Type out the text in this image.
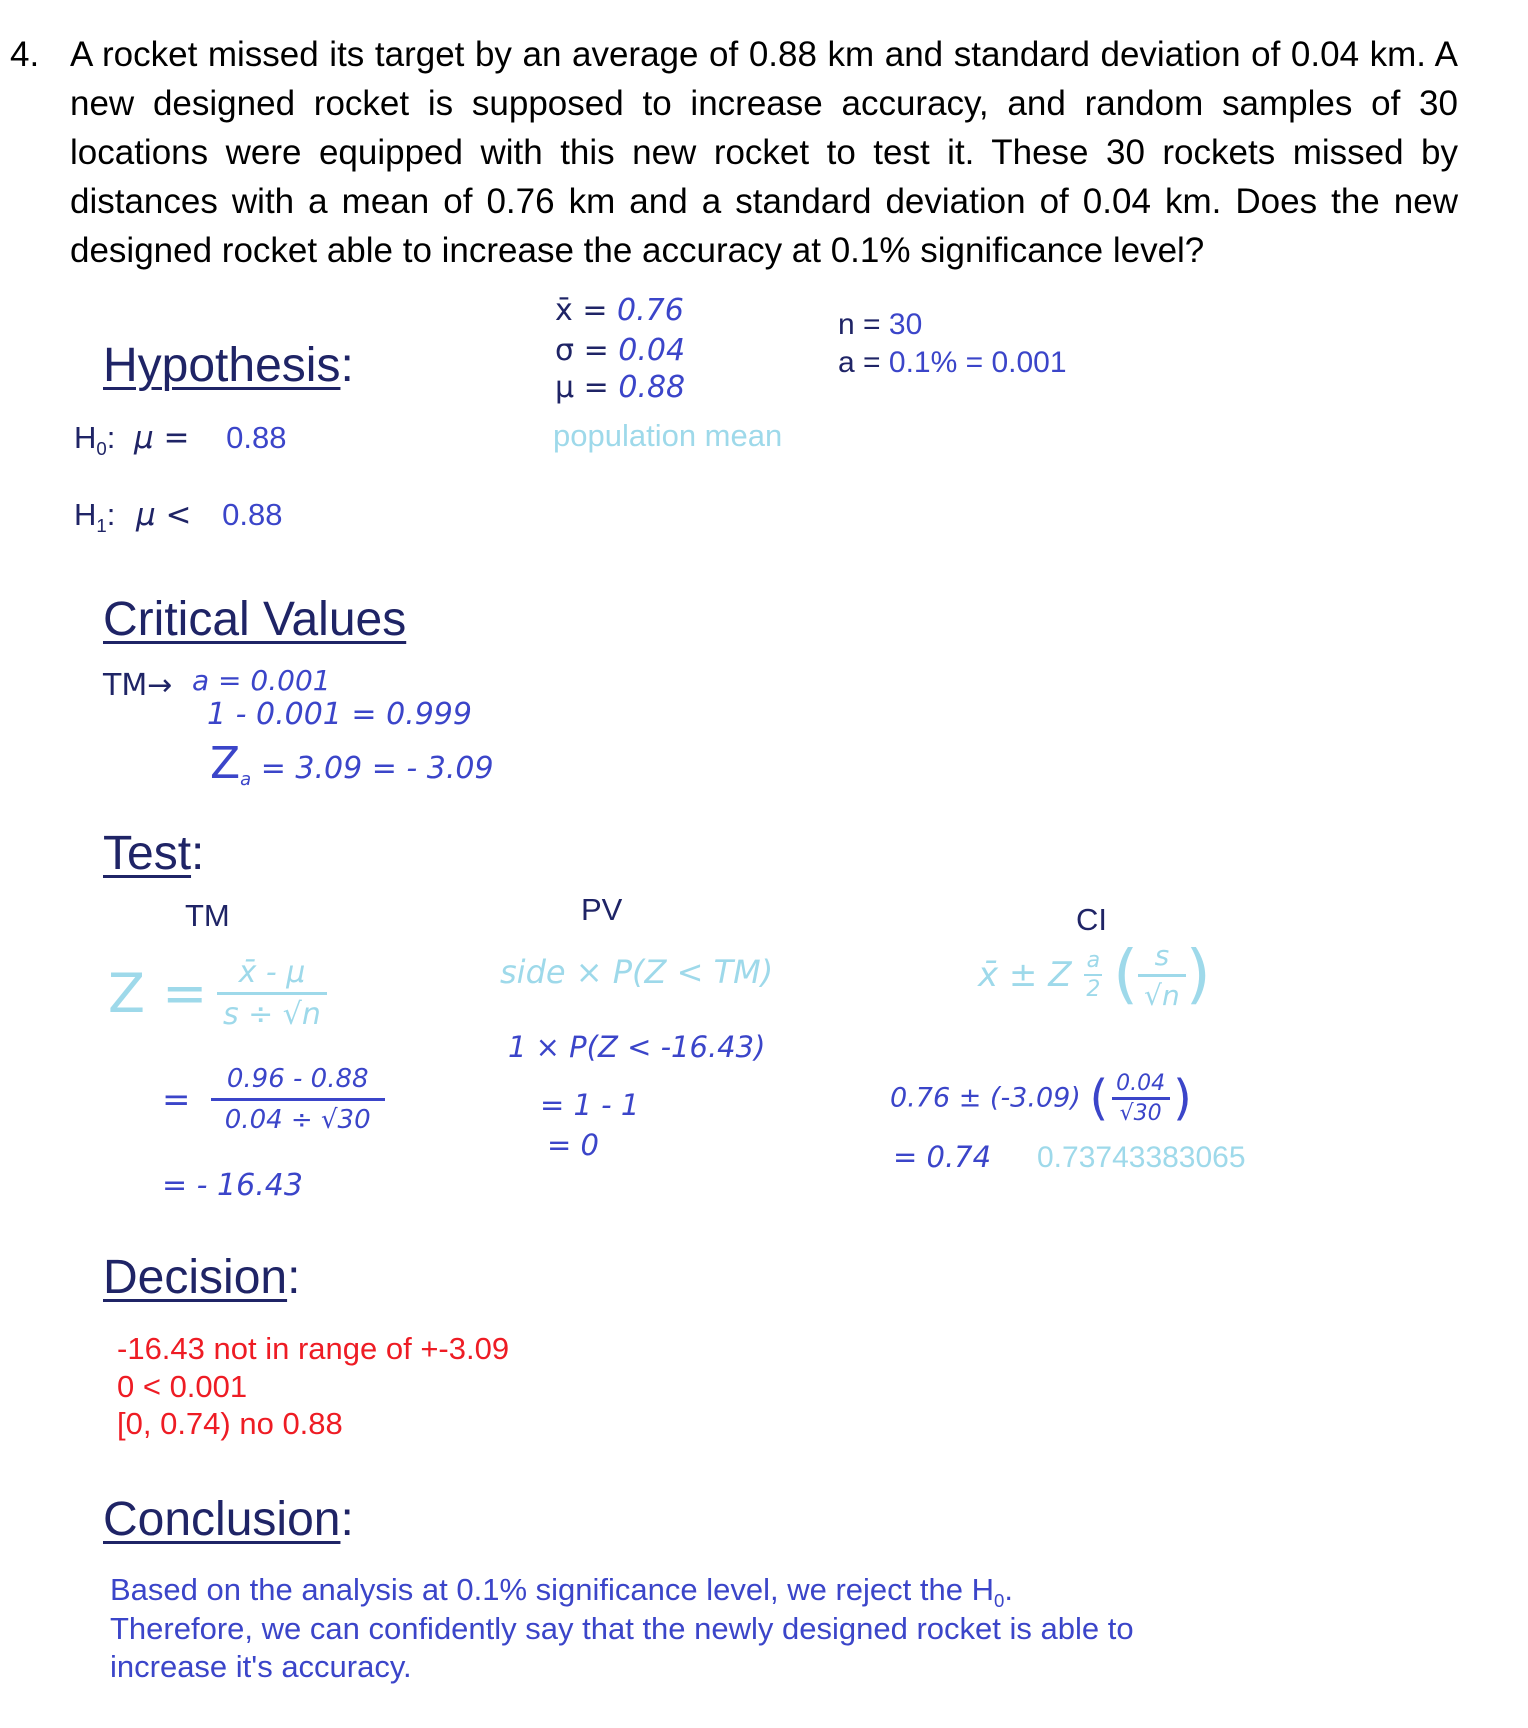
4. A rocket missed its target by an average of 0.88 km and standard deviation of 0.04 km. A new designed rocket is supposed to increase accuracy, and random samples of 30 locations were equipped with this new rocket to test it. These 30 rockets missed by distances with a mean of 0.76 km and a standard deviation of 0.04 km. Does the new designed rocket able to increase the accuracy at 0.1% significance level?
x̄ = 0.76
σ = 0.04
μ = 0.88
population mean
n = 30
a = 0.1% = 0.001
Hypothesis:
$H_0$: μ = 0.88
$H_1$: μ < 0.88
Critical Values
TM→ a = 0.001
1 - 0.001 = 0.999
$Z_a = 3.09$ = - 3.09
Test:
TM	PV	CI
$Z = \frac{x̄ - \mu}{s \div √n}$
= $\frac{0.96 - 0.88}{0.04 \div √30}$
= - 16.43
side × P(Z < TM)
1 × P(Z < -16.43)
= 1 - 1
= 0
x̄ ± Z $\frac{a}{2}$ ( $\frac{s}{√n}$ )
0.76 ± (-3.09) ( $\frac{0.04}{√30}$ )
= 0.74 0.73743383065
Decision:
-16.43 not in range of +-3.09
0 < 0.001
[0, 0.74) no 0.88
Conclusion:
Based on the analysis at 0.1% significance level, we reject the $H_0$.
Therefore, we can confidently say that the newly designed rocket is able to
increase it's accuracy.
